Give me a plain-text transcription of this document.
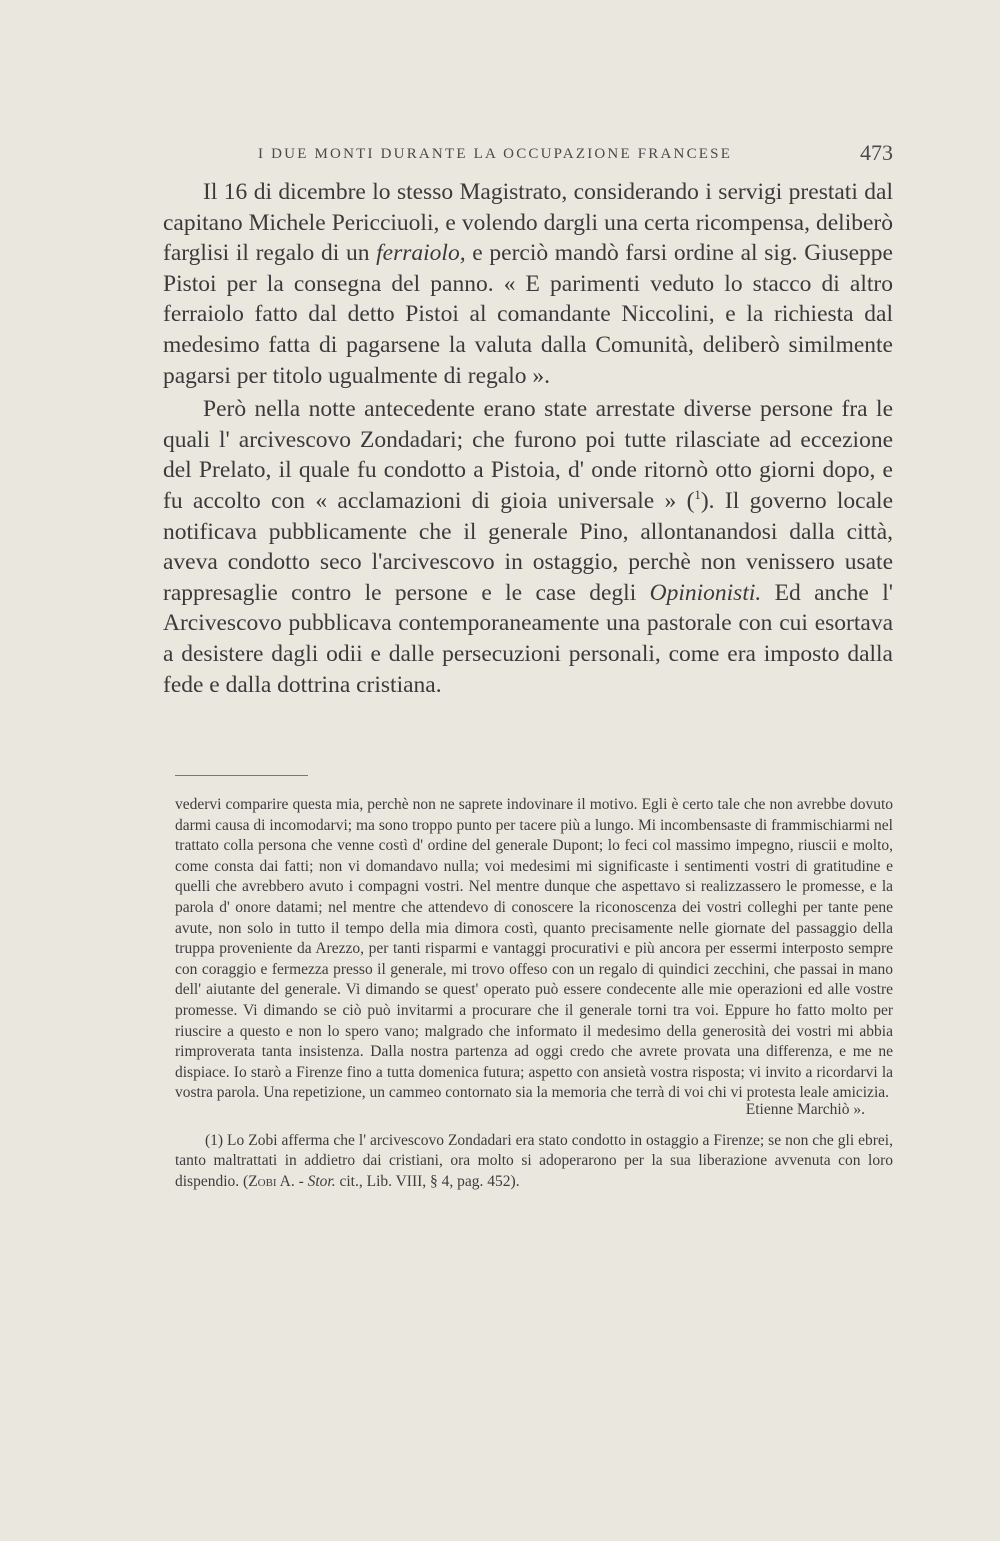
I DUE MONTI DURANTE LA OCCUPAZIONE FRANCESE	473

Il 16 di dicembre lo stesso Magistrato, considerando i servigi prestati dal capitano Michele Pericciuoli, e volendo dargli una certa ricompensa, deliberò farglisi il regalo di un ferraiolo, e perciò mandò farsi ordine al sig. Giuseppe Pistoi per la consegna del panno. « E parimenti veduto lo stacco di altro ferraiolo fatto dal detto Pistoi al comandante Niccolini, e la richiesta dal medesimo fatta di pagarsene la valuta dalla Comunità, deliberò similmente pagarsi per titolo ugualmente di regalo ».

Però nella notte antecedente erano state arrestate diverse persone fra le quali l' arcivescovo Zondadari; che furono poi tutte rilasciate ad eccezione del Prelato, il quale fu condotto a Pistoia, d' onde ritornò otto giorni dopo, e fu accolto con « acclamazioni di gioia universale » ($^1$). Il governo locale notificava pubblicamente che il generale Pino, allontanandosi dalla città, aveva condotto seco l'arcivescovo in ostaggio, perchè non venissero usate rappresaglie contro le persone e le case degli Opinionisti. Ed anche l' Arcivescovo pubblicava contemporaneamente una pastorale con cui esortava a desistere dagli odii e dalle persecuzioni personali, come era imposto dalla fede e dalla dottrina cristiana.

vedervi comparire questa mia, perchè non ne saprete indovinare il motivo. Egli è certo tale che non avrebbe dovuto darmi causa di incomodarvi; ma sono troppo punto per tacere più a lungo. Mi incombensaste di frammischiarmi nel trattato colla persona che venne costì d' ordine del generale Dupont; lo feci col massimo impegno, riuscii e molto, come consta dai fatti; non vi domandavo nulla; voi medesimi mi significaste i sentimenti vostri di gratitudine e quelli che avrebbero avuto i compagni vostri. Nel mentre dunque che aspettavo si realizzassero le promesse, e la parola d' onore datami; nel mentre che attendevo di conoscere la riconoscenza dei vostri colleghi per tante pene avute, non solo in tutto il tempo della mia dimora costì, quanto precisamente nelle giornate del passaggio della truppa proveniente da Arezzo, per tanti risparmi e vantaggi procurativi e più ancora per essermi interposto sempre con coraggio e fermezza presso il generale, mi trovo offeso con un regalo di quindici zecchini, che passai in mano dell' aiutante del generale. Vi dimando se quest' operato può essere condecente alle mie operazioni ed alle vostre promesse. Vi dimando se ciò può invitarmi a procurare che il generale torni tra voi. Eppure ho fatto molto per riuscire a questo e non lo spero vano; malgrado che informato il medesimo della generosità dei vostri mi abbia rimproverata tanta insistenza. Dalla nostra partenza ad oggi credo che avrete provata una differenza, e me ne dispiace. Io starò a Firenze fino a tutta domenica futura; aspetto con ansietà vostra risposta; vi invito a ricordarvi la vostra parola. Una repetizione, un cammeo contornato sia la memoria che terrà di voi chi vi protesta leale amicizia.

Etienne Marchiò ».

(1) Lo Zobi afferma che l' arcivescovo Zondadari era stato condotto in ostaggio a Firenze; se non che gli ebrei, tanto maltrattati in addietro dai cristiani, ora molto si adoperarono per la sua liberazione avvenuta con loro dispendio. (Zobi A. - Stor. cit., Lib. VIII, § 4, pag. 452).
